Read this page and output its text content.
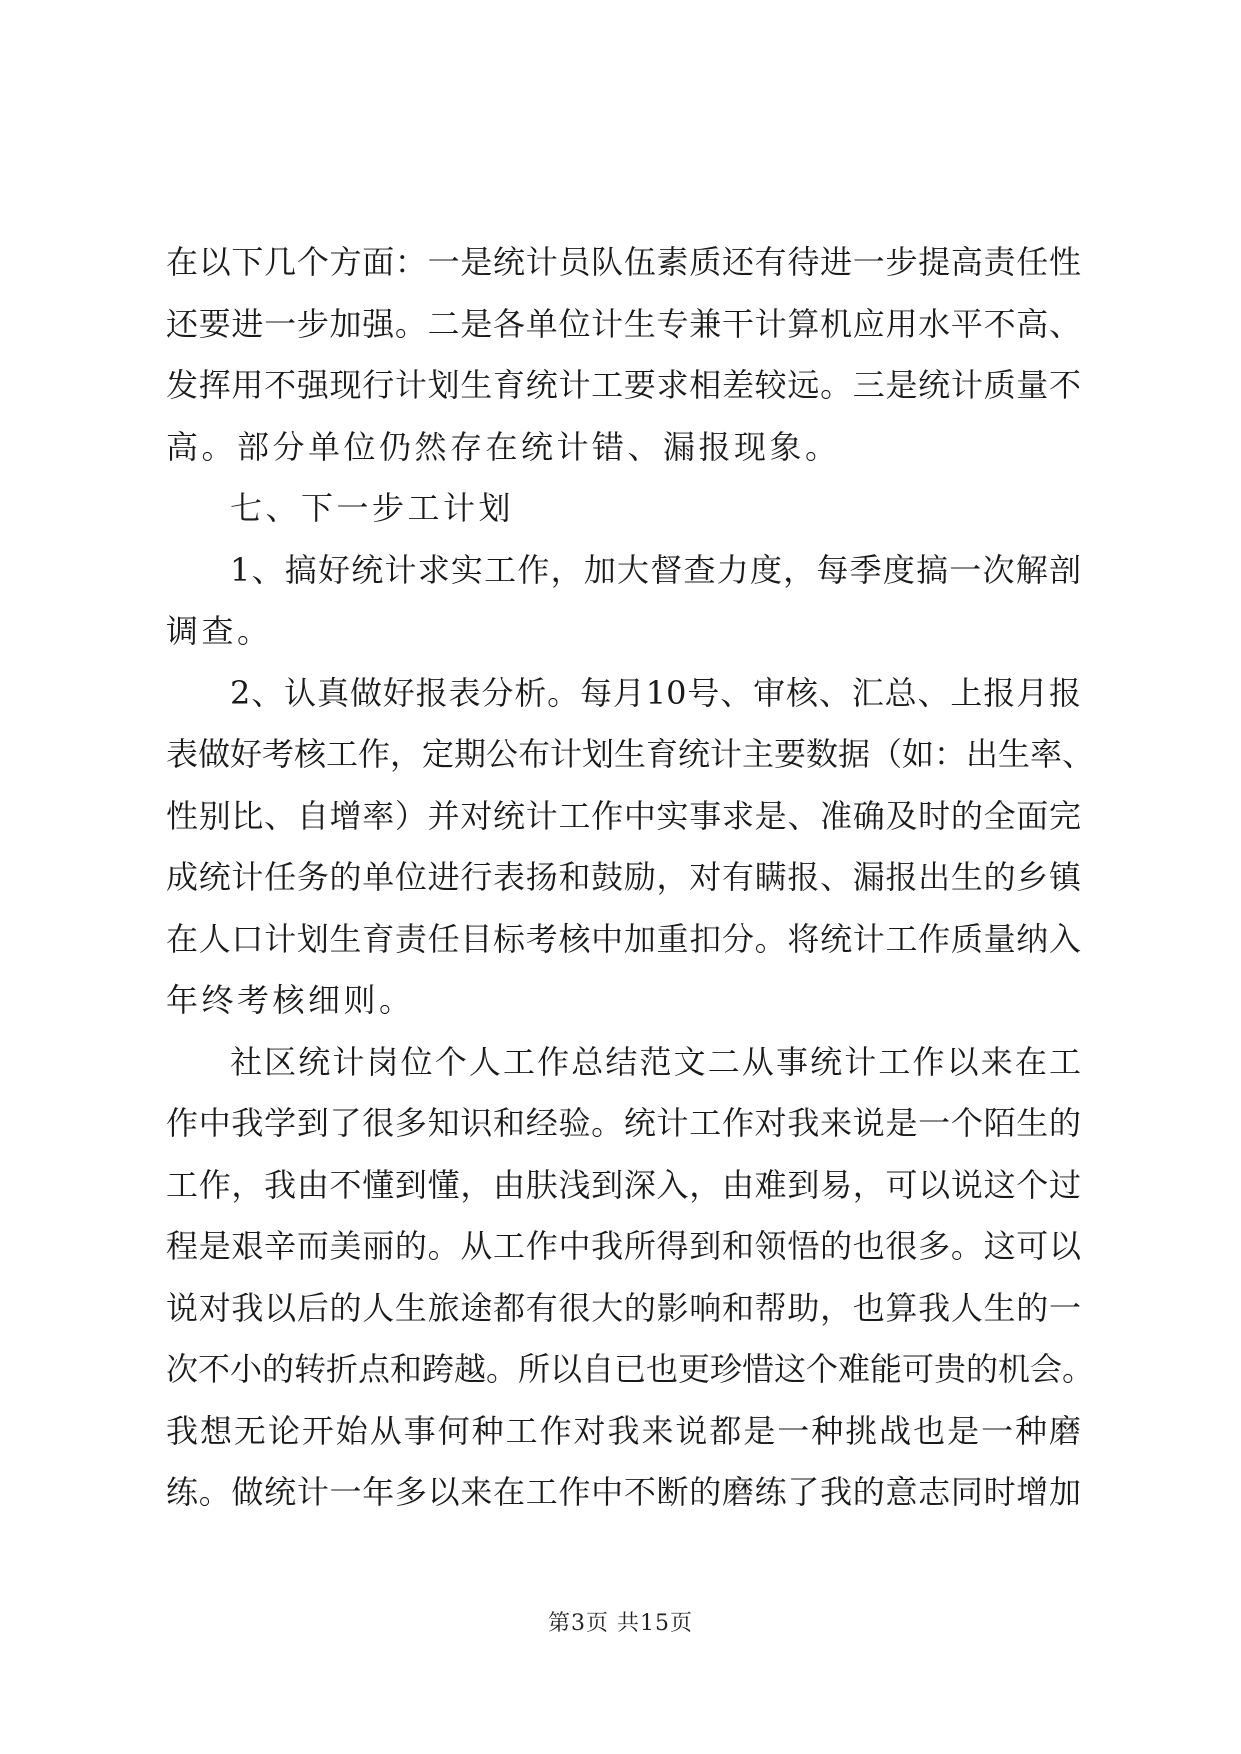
在以下几个方面：一是统计员队伍素质还有待进一步提高责任性
还要进一步加强。二是各单位计生专兼干计算机应用水平不高、
发挥用不强现行计划生育统计工要求相差较远。三是统计质量不
高。部分单位仍然存在统计错、漏报现象。
七、下一步工计划
1、搞好统计求实工作，加大督查力度，每季度搞一次解剖
调查。
2、认真做好报表分析。每月10号、审核、汇总、上报月报
表做好考核工作，定期公布计划生育统计主要数据（如：出生率、
性别比、自增率）并对统计工作中实事求是、准确及时的全面完
成统计任务的单位进行表扬和鼓励，对有瞒报、漏报出生的乡镇
在人口计划生育责任目标考核中加重扣分。将统计工作质量纳入
年终考核细则。
社区统计岗位个人工作总结范文二从事统计工作以来在工
作中我学到了很多知识和经验。统计工作对我来说是一个陌生的
工作，我由不懂到懂，由肤浅到深入，由难到易，可以说这个过
程是艰辛而美丽的。从工作中我所得到和领悟的也很多。这可以
说对我以后的人生旅途都有很大的影响和帮助，也算我人生的一
次不小的转折点和跨越。所以自已也更珍惜这个难能可贵的机会。
我想无论开始从事何种工作对我来说都是一种挑战也是一种磨
练。做统计一年多以来在工作中不断的磨练了我的意志同时增加
第3页 共15页
